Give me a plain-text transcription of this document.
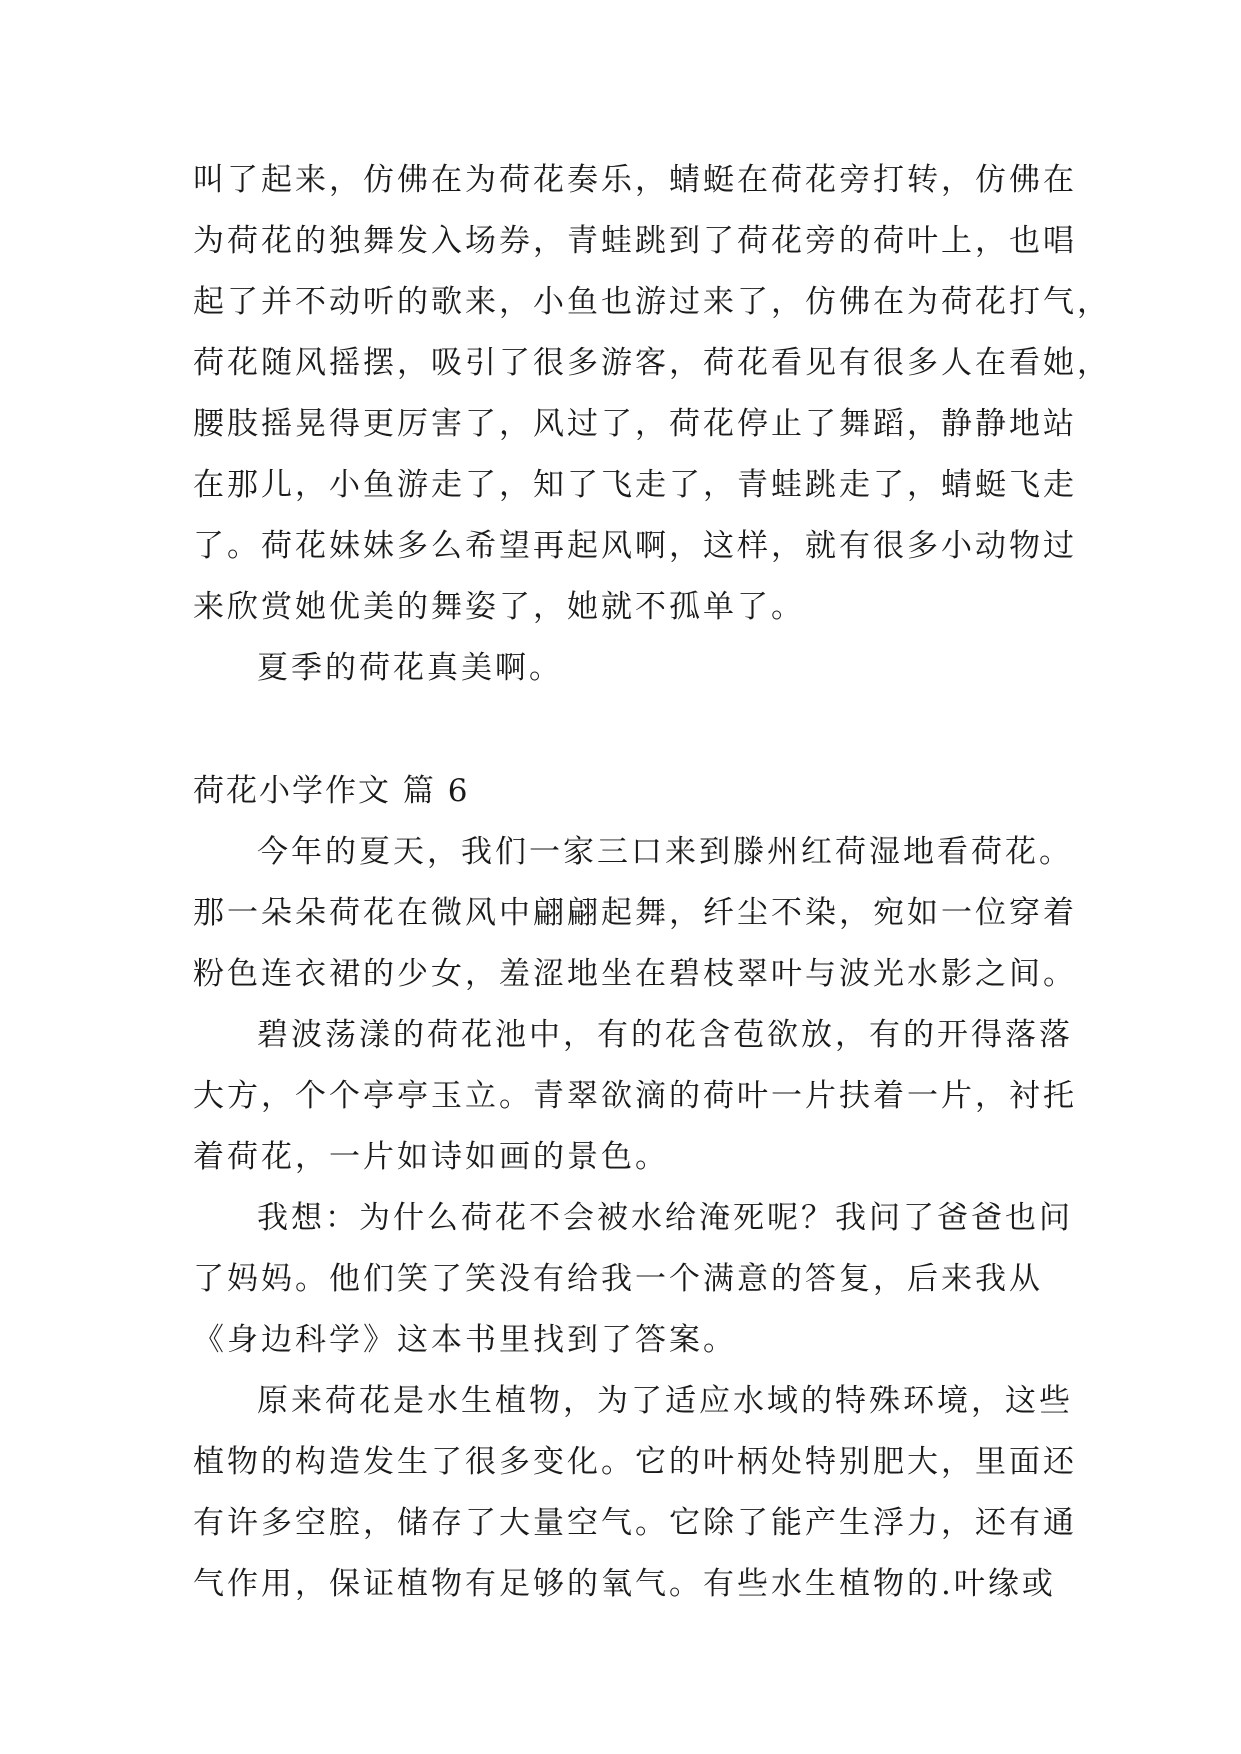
叫了起来，仿佛在为荷花奏乐，蜻蜓在荷花旁打转，仿佛在
为荷花的独舞发入场券，青蛙跳到了荷花旁的荷叶上，也唱
起了并不动听的歌来，小鱼也游过来了，仿佛在为荷花打气，
荷花随风摇摆，吸引了很多游客，荷花看见有很多人在看她，
腰肢摇晃得更厉害了，风过了，荷花停止了舞蹈，静静地站
在那儿，小鱼游走了，知了飞走了，青蛙跳走了，蜻蜓飞走
了。荷花妹妹多么希望再起风啊，这样，就有很多小动物过
来欣赏她优美的舞姿了，她就不孤单了。
夏季的荷花真美啊。
荷花小学作文 篇 6
今年的夏天，我们一家三口来到滕州红荷湿地看荷花。
那一朵朵荷花在微风中翩翩起舞，纤尘不染，宛如一位穿着
粉色连衣裙的少女，羞涩地坐在碧枝翠叶与波光水影之间。
碧波荡漾的荷花池中，有的花含苞欲放，有的开得落落
大方，个个亭亭玉立。青翠欲滴的荷叶一片扶着一片，衬托
着荷花，一片如诗如画的景色。
我想：为什么荷花不会被水给淹死呢？我问了爸爸也问
了妈妈。他们笑了笑没有给我一个满意的答复，后来我从
《身边科学》这本书里找到了答案。
原来荷花是水生植物，为了适应水域的特殊环境，这些
植物的构造发生了很多变化。它的叶柄处特别肥大，里面还
有许多空腔，储存了大量空气。它除了能产生浮力，还有通
气作用，保证植物有足够的氧气。有些水生植物的.叶缘或
